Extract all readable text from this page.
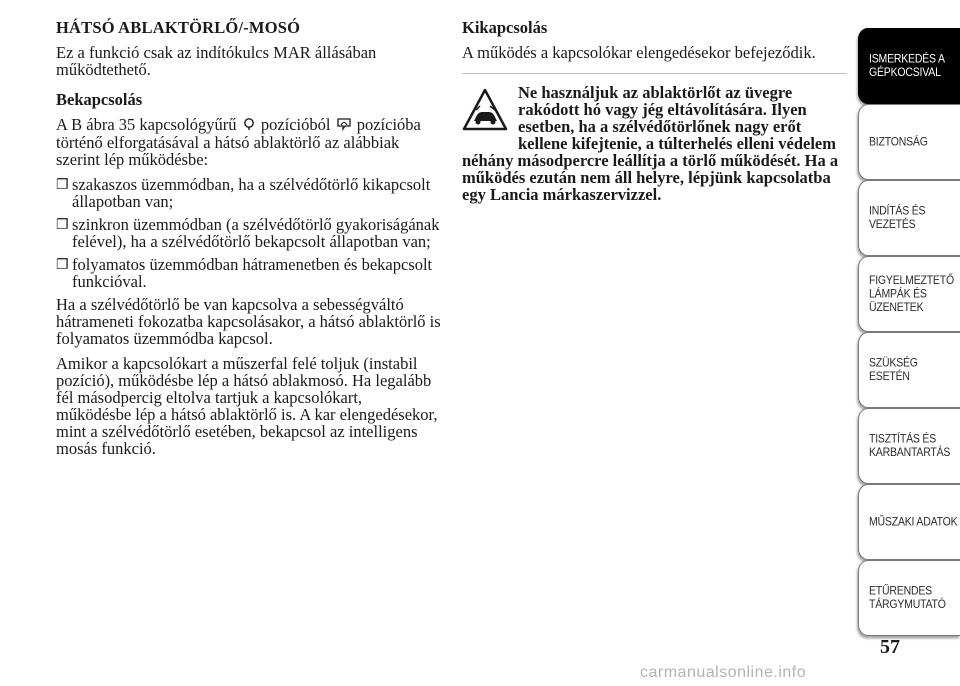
HÁTSÓ ABLAKTÖRLŐ/-MOSÓ
Ez a funkció csak az indítókulcs MAR állásában működtethető.
Bekapcsolás
A B ábra 35 kapcsológyűrű pozícióból pozícióba történő elforgatásával a hátsó ablaktörlő az alábbiak szerint lép működésbe:
❒ szakaszos üzemmódban, ha a szélvédőtörlő kikapcsolt állapotban van;
❒ szinkron üzemmódban (a szélvédőtörlő gyakoriságának felével), ha a szélvédőtörlő bekapcsolt állapotban van;
❒ folyamatos üzemmódban hátramenetben és bekapcsolt funkcióval.
Ha a szélvédőtörlő be van kapcsolva a sebességváltó hátrameneti fokozatba kapcsolásakor, a hátsó ablaktörlő is folyamatos üzemmódba kapcsol.
Amikor a kapcsolókart a műszerfal felé toljuk (instabil pozíció), működésbe lép a hátsó ablakmosó. Ha legalább fél másodpercig eltolva tartjuk a kapcsolókart, működésbe lép a hátsó ablaktörlő is. A kar elengedésekor, mint a szélvédőtörlő esetében, bekapcsol az intelligens mosás funkció.
Kikapcsolás
A működés a kapcsolókar elengedésekor befejeződik.
Ne használjuk az ablaktörlőt az üvegre rakódott hó vagy jég eltávolítására. Ilyen esetben, ha a szélvédőtörlőnek nagy erőt kellene kifejtenie, a túlterhelés elleni védelem néhány másodpercre leállítja a törlő működését. Ha a működés ezután nem áll helyre, lépjünk kapcsolatba egy Lancia márkaszervizzel.
ISMERKEDÉS A GÉPKOCSIVAL
BIZTONSÁG
INDÍTÁS ÉS VEZETÉS
FIGYELMEZTETŐ LÁMPÁK ÉS ÜZENETEK
SZÜKSÉG ESETÉN
TISZTÍTÁS ÉS KARBANTARTÁS
MŰSZAKI ADATOK
ETŰRENDES TÁRGYMUTATÓ
57
carmanualsonline.info
